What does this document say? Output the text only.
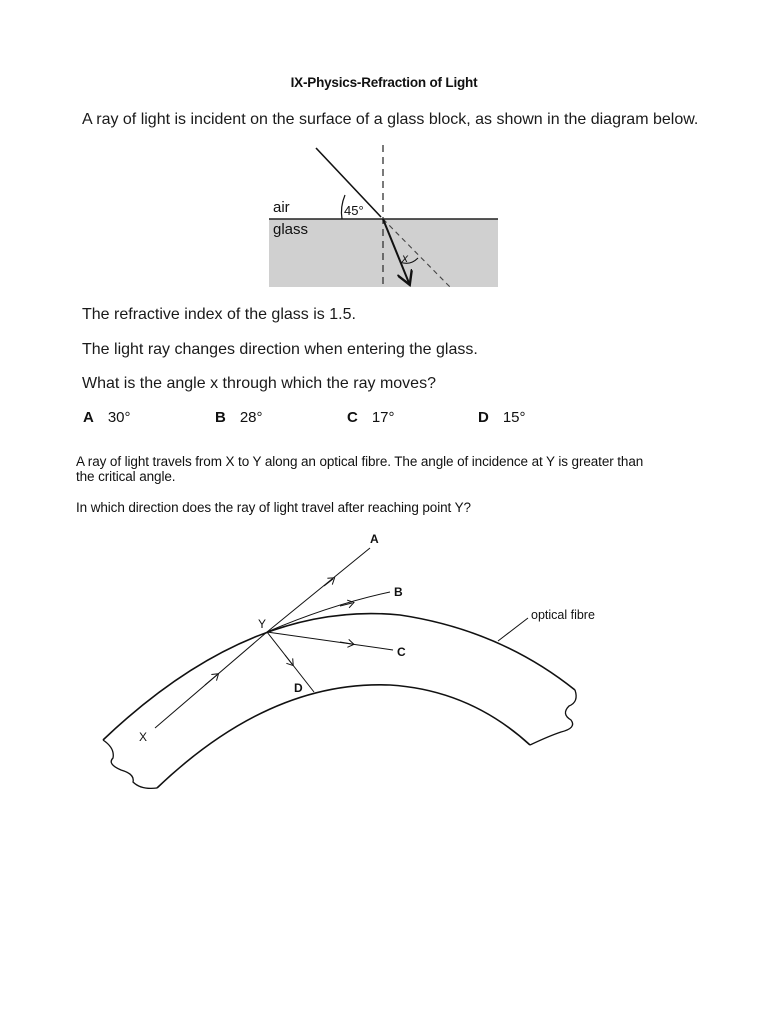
IX-Physics-Refraction of Light
A ray of light is incident on the surface of a glass block, as shown in the diagram below.
air
glass
45°
x
The refractive index of the glass is 1.5.
The light ray changes direction when entering the glass.
What is the angle x through which the ray moves?
A 30°	B 28°	C 17°	D 15°
A ray of light travels from X to Y along an optical fibre. The angle of incidence at Y is greater than
the critical angle.
In which direction does the ray of light travel after reaching point Y?
A
B
C
D
X
Y
optical fibre
